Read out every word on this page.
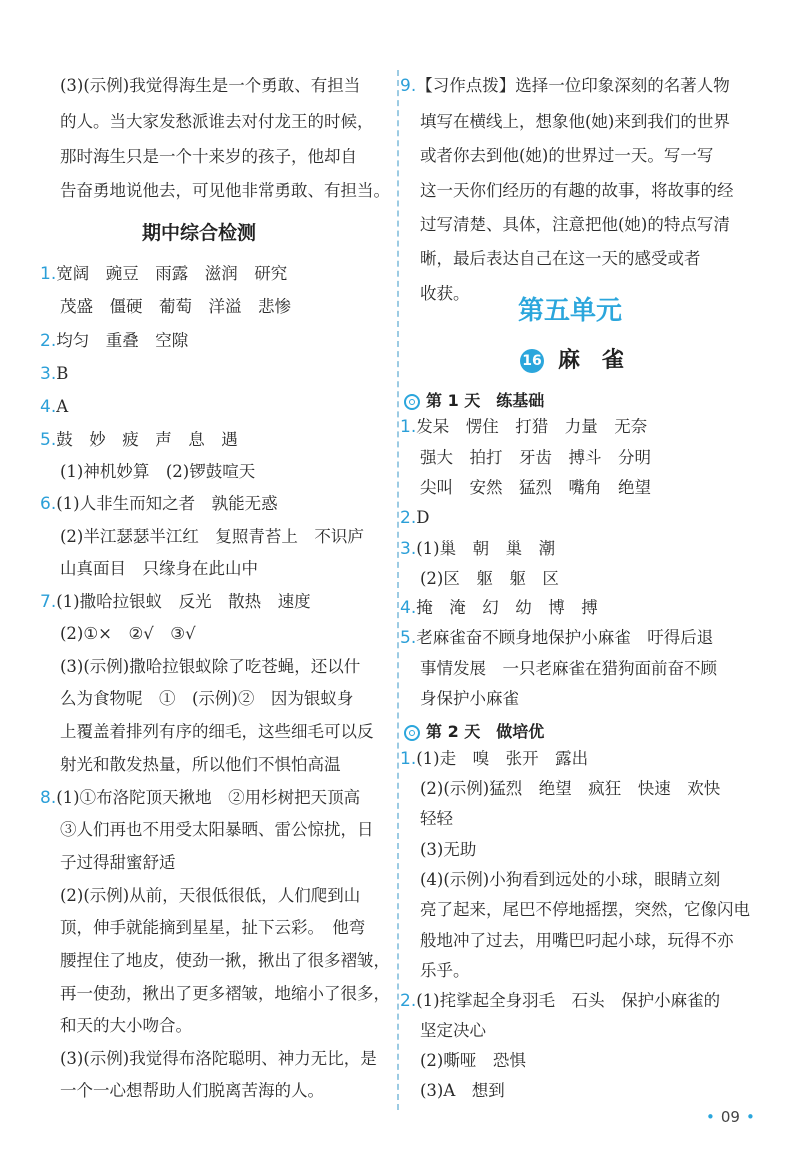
(3)(示例)我觉得海生是一个勇敢、有担当
的人。当大家发愁派谁去对付龙王的时候，
那时海生只是一个十来岁的孩子，他却自
告奋勇地说他去，可见他非常勇敢、有担当。
期中综合检测
1.宽阔　豌豆　雨露　滋润　研究
茂盛　僵硬　葡萄　洋溢　悲惨
2.均匀　重叠　空隙
3.B
4.A
5.鼓　妙　疲　声　息　遇
(1)神机妙算　(2)锣鼓喧天
6.(1)人非生而知之者　孰能无惑
(2)半江瑟瑟半江红　复照青苔上　不识庐
山真面目　只缘身在此山中
7.(1)撒哈拉银蚁　反光　散热　速度
(2)①×　②√　③√
(3)(示例)撒哈拉银蚁除了吃苍蝇，还以什
么为食物呢　①　(示例)②　因为银蚁身
上覆盖着排列有序的细毛，这些细毛可以反
射光和散发热量，所以他们不惧怕高温
8.(1)①布洛陀顶天揪地　②用杉树把天顶高
③人们再也不用受太阳暴晒、雷公惊扰，日
子过得甜蜜舒适
(2)(示例)从前，天很低很低，人们爬到山
顶，伸手就能摘到星星，扯下云彩。　他弯
腰捏住了地皮，使劲一揪，揪出了很多褶皱，
再一使劲，揪出了更多褶皱，地缩小了很多，
和天的大小吻合。
(3)(示例)我觉得布洛陀聪明、神力无比，是
一个一心想帮助人们脱离苦海的人。
9.【习作点拨】选择一位印象深刻的名著人物
填写在横线上，想象他(她)来到我们的世界
或者你去到他(她)的世界过一天。写一写
这一天你们经历的有趣的故事，将故事的经
过写清楚、具体，注意把他(她)的特点写清
晰，最后表达自己在这一天的感受或者
收获。
第五单元
16 麻　雀
第 1 天　练基础
1.发呆　愣住　打猎　力量　无奈
强大　拍打　牙齿　搏斗　分明
尖叫　安然　猛烈　嘴角　绝望
2.D
3.(1)巢　朝　巢　潮
(2)区　躯　躯　区
4.掩　淹　幻　幼　博　搏
5.老麻雀奋不顾身地保护小麻雀　吁得后退
事情发展　一只老麻雀在猎狗面前奋不顾
身保护小麻雀
第 2 天　做培优
1.(1)走　嗅　张开　露出
(2)(示例)猛烈　绝望　疯狂　快速　欢快
轻轻
(3)无助
(4)(示例)小狗看到远处的小球，眼睛立刻
亮了起来，尾巴不停地摇摆，突然，它像闪电
般地冲了过去，用嘴巴叼起小球，玩得不亦
乐乎。
2.(1)挓挲起全身羽毛　石头　保护小麻雀的
坚定决心
(2)嘶哑　恐惧
(3)A　想到
• 09 •
